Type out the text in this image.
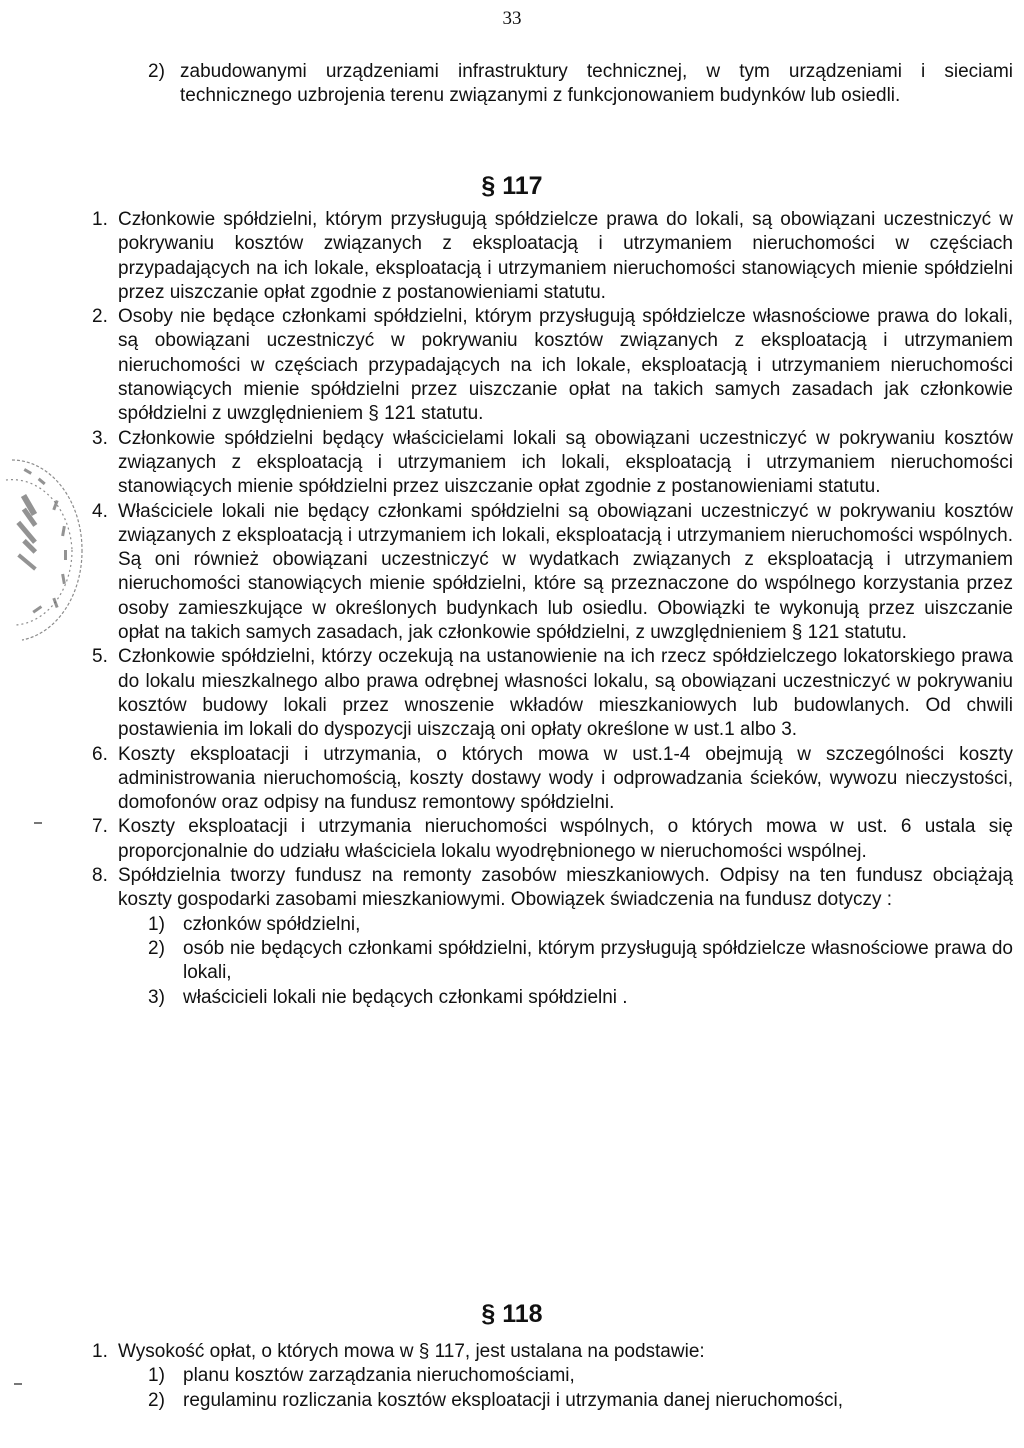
33
2) zabudowanymi urządzeniami infrastruktury technicznej, w tym urządzeniami i sieciami technicznego uzbrojenia terenu związanymi z funkcjonowaniem budynków lub osiedli.
§ 117
1. Członkowie spółdzielni, którym przysługują spółdzielcze prawa do lokali, są obowiązani uczestniczyć w pokrywaniu kosztów związanych z eksploatacją i utrzymaniem nieruchomości w częściach przypadających na ich lokale, eksploatacją i utrzymaniem nieruchomości stanowiących mienie spółdzielni przez uiszczanie opłat zgodnie z postanowieniami statutu.
2. Osoby nie będące członkami spółdzielni, którym przysługują spółdzielcze własnościowe prawa do lokali, są obowiązani uczestniczyć w pokrywaniu kosztów związanych z eksploatacją i utrzymaniem nieruchomości w częściach przypadających na ich lokale, eksploatacją i utrzymaniem nieruchomości stanowiących mienie spółdzielni przez uiszczanie opłat na takich samych zasadach jak członkowie spółdzielni z uwzględnieniem § 121 statutu.
3. Członkowie spółdzielni będący właścicielami lokali są obowiązani uczestniczyć w pokrywaniu kosztów związanych z eksploatacją i utrzymaniem ich lokali, eksploatacją i utrzymaniem nieruchomości stanowiących mienie spółdzielni przez uiszczanie opłat zgodnie z postanowieniami statutu.
4. Właściciele lokali nie będący członkami spółdzielni są obowiązani uczestniczyć w pokrywaniu kosztów związanych z eksploatacją i utrzymaniem ich lokali, eksploatacją i utrzymaniem nieruchomości wspólnych. Są oni również obowiązani uczestniczyć w wydatkach związanych z eksploatacją i utrzymaniem nieruchomości stanowiących mienie spółdzielni, które są przeznaczone do wspólnego korzystania przez osoby zamieszkujące w określonych budynkach lub osiedlu. Obowiązki te wykonują przez uiszczanie opłat na takich samych zasadach, jak członkowie spółdzielni, z uwzględnieniem § 121 statutu.
5. Członkowie spółdzielni, którzy oczekują na ustanowienie na ich rzecz spółdzielczego lokatorskiego prawa do lokalu mieszkalnego albo prawa odrębnej własności lokalu, są obowiązani uczestniczyć w pokrywaniu kosztów budowy lokali przez wnoszenie wkładów mieszkaniowych lub budowlanych. Od chwili postawienia im lokali do dyspozycji uiszczają oni opłaty określone w ust.1 albo 3.
6. Koszty eksploatacji i utrzymania, o których mowa w ust.1-4 obejmują w szczególności koszty administrowania nieruchomością, koszty dostawy wody i odprowadzania ścieków, wywozu nieczystości, domofonów oraz odpisy na fundusz remontowy spółdzielni.
7. Koszty eksploatacji i utrzymania nieruchomości wspólnych, o których mowa w ust. 6 ustala się proporcjonalnie do udziału właściciela lokalu wyodrębnionego w nieruchomości wspólnej.
8. Spółdzielnia tworzy fundusz na remonty zasobów mieszkaniowych. Odpisy na ten fundusz obciążają koszty gospodarki zasobami mieszkaniowymi. Obowiązek świadczenia na fundusz dotyczy :
1) członków spółdzielni,
2) osób nie będących członkami spółdzielni, którym przysługują spółdzielcze własnościowe prawa do lokali,
3) właścicieli lokali nie będących członkami spółdzielni .
§ 118
1. Wysokość opłat, o których mowa w § 117, jest ustalana na podstawie:
1) planu kosztów zarządzania nieruchomościami,
2) regulaminu rozliczania kosztów eksploatacji i utrzymania danej nieruchomości,
